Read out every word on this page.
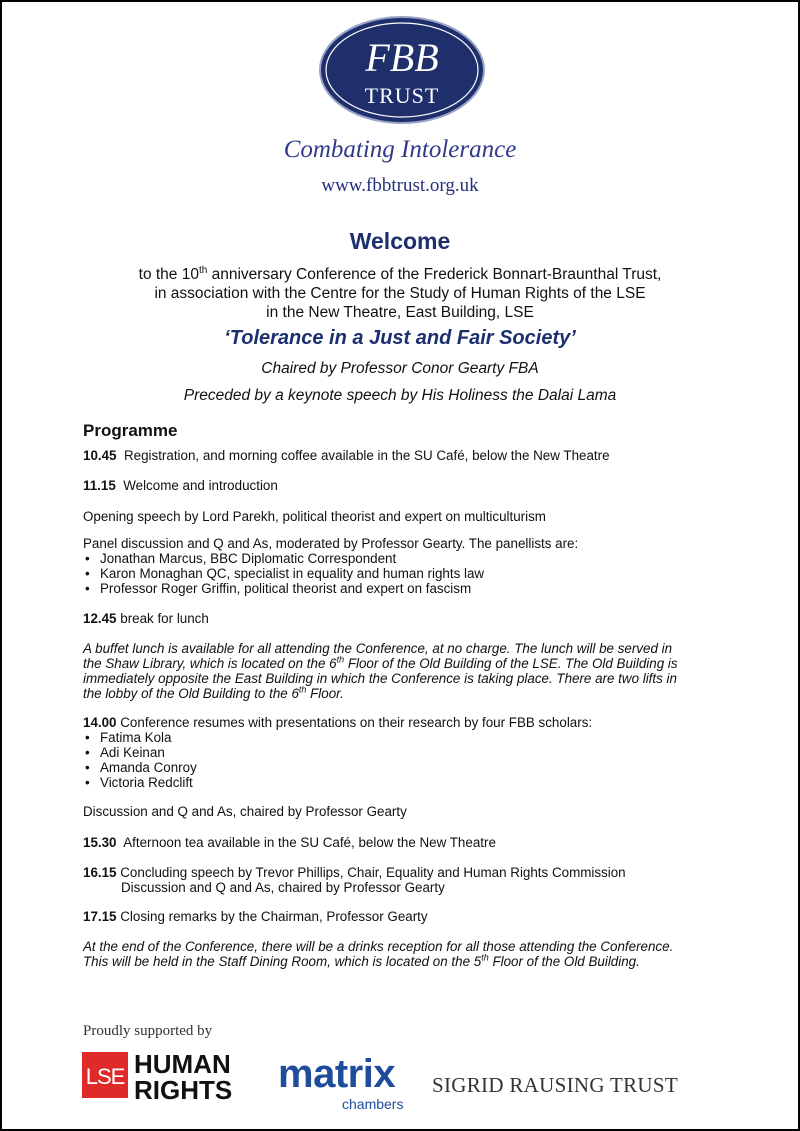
FBB
TRUST
Combating Intolerance
www.fbbtrust.org.uk
Welcome
to the 10th anniversary Conference of the Frederick Bonnart-Braunthal Trust,
in association with the Centre for the Study of Human Rights of the LSE
in the New Theatre, East Building, LSE
‘Tolerance in a Just and Fair Society’
Chaired by Professor Conor Gearty FBA
Preceded by a keynote speech by His Holiness the Dalai Lama
Programme
10.45 Registration, and morning coffee available in the SU Café, below the New Theatre
11.15 Welcome and introduction
Opening speech by Lord Parekh, political theorist and expert on multiculturism
Panel discussion and Q and As, moderated by Professor Gearty. The panellists are:
• Jonathan Marcus, BBC Diplomatic Correspondent
• Karon Monaghan QC, specialist in equality and human rights law
• Professor Roger Griffin, political theorist and expert on fascism
12.45 break for lunch
A buffet lunch is available for all attending the Conference, at no charge. The lunch will be served in
the Shaw Library, which is located on the 6th Floor of the Old Building of the LSE. The Old Building is
immediately opposite the East Building in which the Conference is taking place. There are two lifts in
the lobby of the Old Building to the 6th Floor.
14.00 Conference resumes with presentations on their research by four FBB scholars:
• Fatima Kola
• Adi Keinan
• Amanda Conroy
• Victoria Redclift
Discussion and Q and As, chaired by Professor Gearty
15.30 Afternoon tea available in the SU Café, below the New Theatre
16.15 Concluding speech by Trevor Phillips, Chair, Equality and Human Rights Commission
Discussion and Q and As, chaired by Professor Gearty
17.15 Closing remarks by the Chairman, Professor Gearty
At the end of the Conference, there will be a drinks reception for all those attending the Conference.
This will be held in the Staff Dining Room, which is located on the 5th Floor of the Old Building.
Proudly supported by
LSE HUMAN
RIGHTS matrix
chambers
SIGRID RAUSING TRUST
